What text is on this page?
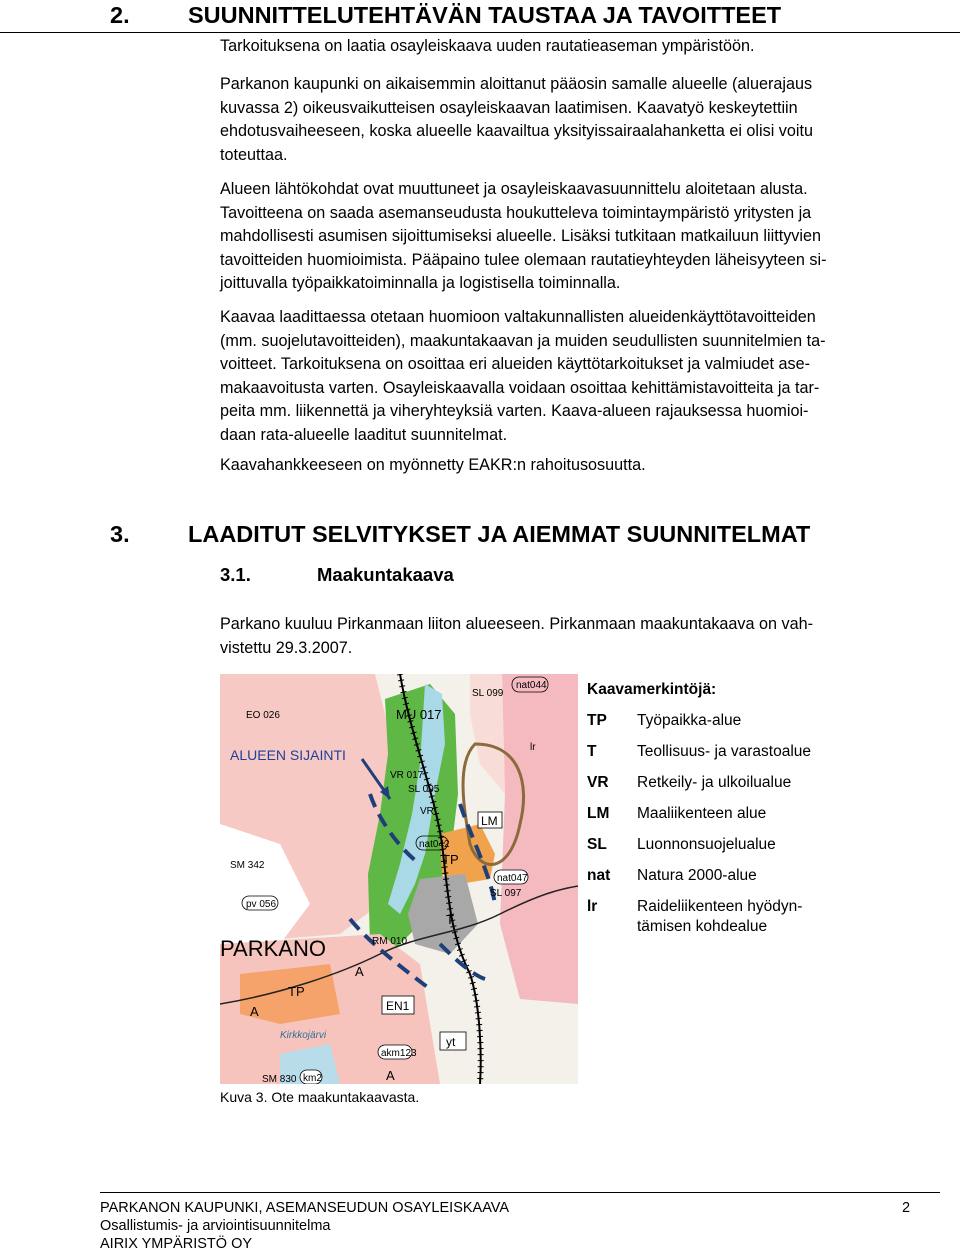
2. SUUNNITTELUTEHTÄVÄN TAUSTAA JA TAVOITTEET
Tarkoituksena on laatia osayleiskaava uuden rautatieaseman ympäristöön.
Parkanon kaupunki on aikaisemmin aloittanut pääosin samalle alueelle (aluerajaus
kuvassa 2) oikeusvaikutteisen osayleiskaavan laatimisen. Kaavatyö keskeytettiin
ehdotusvaiheeseen, koska alueelle kaavailtua yksityissairaalahanketta ei olisi voitu
toteuttaa.
Alueen lähtökohdat ovat muuttuneet ja osayleiskaavasuunnittelu aloitetaan alusta.
Tavoitteena on saada asemanseudusta houkutteleva toimintaympäristö yritysten ja
mahdollisesti asumisen sijoittumiseksi alueelle. Lisäksi tutkitaan matkailuun liittyvien
tavoitteiden huomioimista. Pääpaino tulee olemaan rautatieyhteyden läheisyyteen si-
joittuvalla työpaikkatoiminnalla ja logistisella toiminnalla.
Kaavaa laadittaessa otetaan huomioon valtakunnallisten alueidenkäyttötavoitteiden
(mm. suojelutavoitteiden), maakuntakaavan ja muiden seudullisten suunnitelmien ta-
voitteet. Tarkoituksena on osoittaa eri alueiden käyttötarkoitukset ja valmiudet ase-
makaavoitusta varten. Osayleiskaavalla voidaan osoittaa kehittämistavoitteita ja tar-
peita mm. liikennettä ja viheryhteyksiä varten. Kaava-alueen rajauksessa huomioi-
daan rata-alueelle laaditut suunnitelmat.
Kaavahankkeeseen on myönnetty EAKR:n rahoitusosuutta.
3. LAADITUT SELVITYKSET JA AIEMMAT SUUNNITELMAT
3.1.	Maakuntakaava
Parkano kuuluu Pirkanmaan liiton alueeseen. Pirkanmaan maakuntakaava on vah-
vistettu 29.3.2007.
EO 026
ALUEEN SIJAINTI
MU 017
SL 099
nat044
lr
VR 017
SL 095
VR
LM
nat042
TP
nat047
SL 097
SM 342
pv 056
T
RM 010
PARKANO
A
TP
A	EN1
Kirkkojärvi	yt
akm123
SM 830 km2	A
Kaavamerkintöjä:
TP Työpaikka-alue
T	Teollisuus- ja varastoalue
VR Retkeily- ja ulkoilualue
LM Maaliikenteen alue
SL Luonnonsuojelualue
nat Natura 2000-alue
lr	Raideliikenteen hyödyn-
tämisen kohdealue
Kuva 3. Ote maakuntakaavasta.
PARKANON KAUPUNKI, ASEMANSEUDUN OSAYLEISKAAVA	2
Osallistumis- ja arviointisuunnitelma
AIRIX YMPÄRISTÖ OY
